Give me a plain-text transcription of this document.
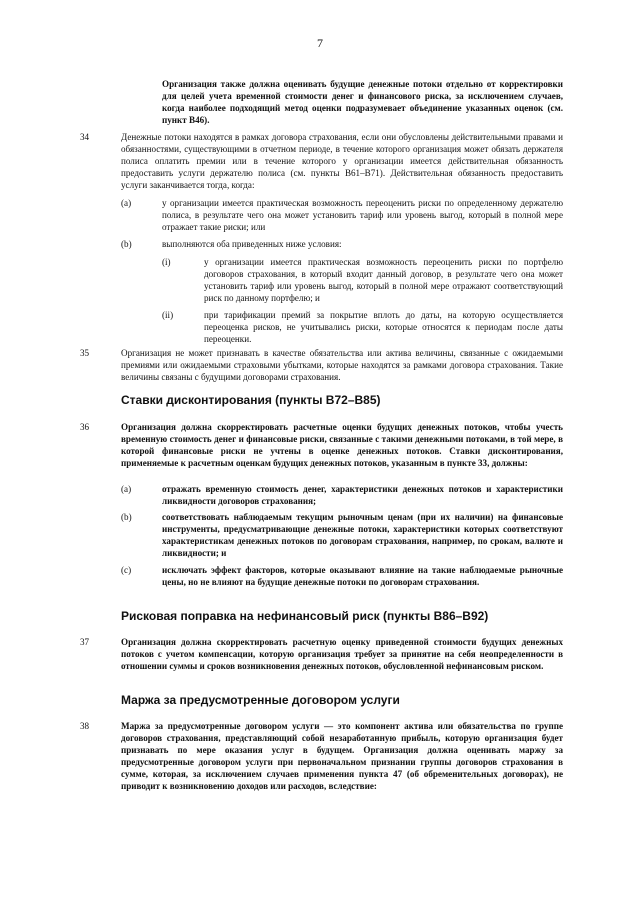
7

Организация также должна оценивать будущие денежные потоки отдельно от корректировки для целей учета временной стоимости денег и финансового риска, за исключением случаев, когда наиболее подходящий метод оценки подразумевает объединение указанных оценок (см. пункт B46).

34	Денежные потоки находятся в рамках договора страхования, если они обусловлены действительными правами и обязанностями, существующими в отчетном периоде, в течение которого организация может обязать держателя полиса оплатить премии или в течение которого у организации имеется действительная обязанность предоставить услуги держателю полиса (см. пункты B61–B71). Действительная обязанность предоставить услуги заканчивается тогда, когда:

(a)	у организации имеется практическая возможность переоценить риски по определенному держателю полиса, в результате чего она может установить тариф или уровень выгод, который в полной мере отражает такие риски; или

(b)	выполняются оба приведенных ниже условия:

(i)	у организации имеется практическая возможность переоценить риски по портфелю договоров страхования, в который входит данный договор, в результате чего она может установить тариф или уровень выгод, который в полной мере отражают соответствующий риск по данному портфелю; и

(ii)	при тарификации премий за покрытие вплоть до даты, на которую осуществляется переоценка рисков, не учитывались риски, которые относятся к периодам после даты переоценки.

35	Организация не может признавать в качестве обязательства или актива величины, связанные с ожидаемыми премиями или ожидаемыми страховыми убытками, которые находятся за рамками договора страхования. Такие величины связаны с будущими договорами страхования.

Ставки дисконтирования (пункты B72–B85)
36	Организация должна скорректировать расчетные оценки будущих денежных потоков, чтобы учесть временную стоимость денег и финансовые риски, связанные с такими денежными потоками, в той мере, в которой финансовые риски не учтены в оценке денежных потоков. Ставки дисконтирования, применяемые к расчетным оценкам будущих денежных потоков, указанным в пункте 33, должны:

(a)	отражать временную стоимость денег, характеристики денежных потоков и характеристики ликвидности договоров страхования;

(b)	соответствовать наблюдаемым текущим рыночным ценам (при их наличии) на финансовые инструменты, предусматривающие денежные потоки, характеристики которых соответствуют характеристикам денежных потоков по договорам страхования, например, по срокам, валюте и ликвидности; и

(c)	исключать эффект факторов, которые оказывают влияние на такие наблюдаемые рыночные цены, но не влияют на будущие денежные потоки по договорам страхования.

Рисковая поправка на нефинансовый риск (пункты B86–B92)
37	Организация должна скорректировать расчетную оценку приведенной стоимости будущих денежных потоков с учетом компенсации, которую организация требует за принятие на себя неопределенности в отношении суммы и сроков возникновения денежных потоков, обусловленной нефинансовым риском.

Маржа за предусмотренные договором услуги
38	Маржа за предусмотренные договором услуги — это компонент актива или обязательства по группе договоров страхования, представляющий собой незаработанную прибыль, которую организация будет признавать по мере оказания услуг в будущем. Организация должна оценивать маржу за предусмотренные договором услуги при первоначальном признании группы договоров страхования в сумме, которая, за исключением случаев применения пункта 47 (об обременительных договорах), не приводит к возникновению доходов или расходов, вследствие:
